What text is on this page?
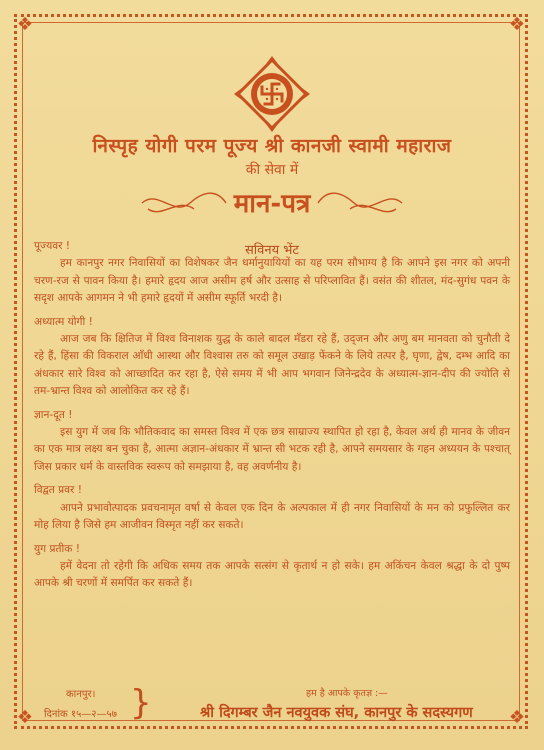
❖	❖
❖	❖
निस्पृह योगी परम पूज्य श्री कानजी स्वामी महाराज
की सेवा में
मान-पत्र
सविनय भेंट
पूज्यवर !
हम कानपुर नगर निवासियों का विशेषकर जैन धर्मानुयायियों का यह परम सौभाग्य है कि आपने इस नगर को अपनी चरण-रज से पावन किया है। हमारे हृदय आज असीम हर्ष और उत्साह से परिप्लावित हैं। वसंत की शीतल, मंद-सुगंध पवन के सदृश आपके आगमन ने भी हमारे हृदयों में असीम स्फूर्ति भरदी है।
अध्यात्म योगी !
आज जब कि क्षितिज में विश्व विनाशक युद्ध के काले बादल मँडरा रहे हैं, उद्जन और अणु बम मानवता को चुनौती दे रहे हैं, हिंसा की विकराल आँधी आस्था और विश्वास तरु को समूल उखाड़ फेंकने के लिये तत्पर है, घृणा, द्वेष, दम्भ आदि का अंधकार सारे विश्व को आच्छादित कर रहा है, ऐसे समय में भी आप भगवान जिनेन्द्रदेव के अध्यात्म-ज्ञान-दीप की ज्योति से तम-भ्रान्त विश्व को आलोकित कर रहे हैं।
ज्ञान-दूत !
इस युग में जब कि भौतिकवाद का समस्त विश्व में एक छत्र साम्राज्य स्थापित हो रहा है, केवल अर्थ ही मानव के जीवन का एक मात्र लक्ष्य बन चुका है, आत्मा अज्ञान-अंधकार में भ्रान्त सी भटक रही है, आपने समयसार के गहन अध्ययन के पश्चात् जिस प्रकार धर्म के वास्तविक स्वरूप को समझाया है, वह अवर्णनीय है।
विद्वत प्रवर !
आपने प्रभावोत्पादक प्रवचनामृत वर्षा से केवल एक दिन के अल्पकाल में ही नगर निवासियों के मन को प्रफुल्लित कर मोह लिया है जिसे हम आजीवन विस्मृत नहीं कर सकते।
युग प्रतीक !
हमें वेदना तो रहेगी कि अधिक समय तक आपके सत्संग से कृतार्थ न हो सके। हम अकिंचन केवल श्रद्धा के दो पुष्प आपके श्री चरणों में समर्पित कर सकते हैं।
कानपुर।
दिनांक १५—२—५७ }	हम है आपके कृतज्ञ :—
श्री दिगम्बर जैन नवयुवक संघ, कानपुर के सदस्यगण
